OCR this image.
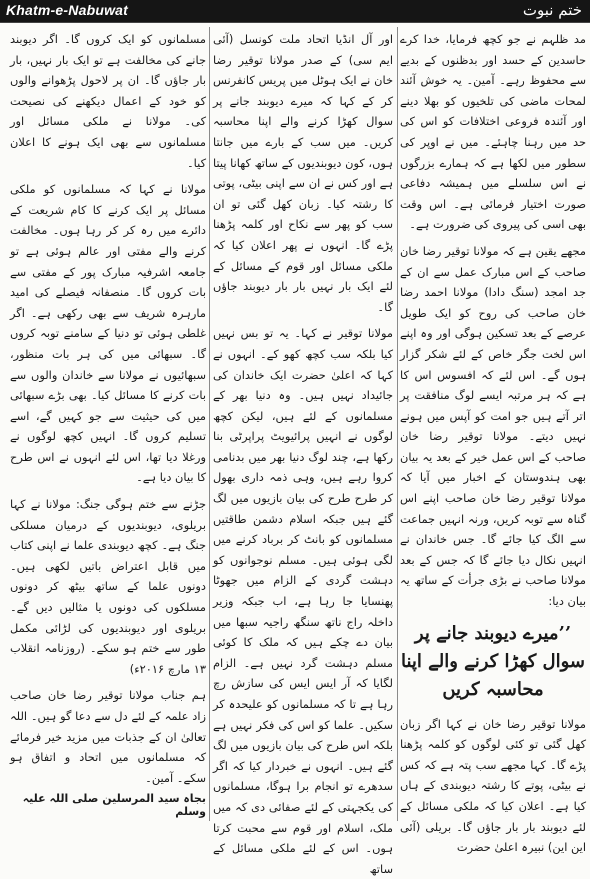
Khatm-e-Nabuwat	ختم نبوت

مد ظلہم نے جو کچھ فرمایا، خدا کرے حاسدین کے حسد اور بدظنوں کے بدیے سے محفوظ رہے۔ آمین۔ یہ خوش آئند لمحات ماضی کی تلخیوں کو بھلا دینے اور آئندہ فروعی اختلافات کو اس کی حد میں رہنا چاہئے۔ میں نے اوپر کی سطور میں لکھا ہے کہ ہمارے بزرگوں نے اس سلسلے میں ہمیشہ دفاعی صورت اختیار فرمائی ہے۔ اس وقت بھی اسی کی پیروی کی ضرورت ہے۔

مجھے یقین ہے کہ مولانا توقیر رضا خان صاحب کے اس مبارک عمل سے ان کے جد امجد (سنگ دادا) مولانا احمد رضا خان صاحب کی روح کو ایک طویل عرصے کے بعد تسکین ہوگی اور وہ اپنے اس لخت جگر خاص کے لئے شکر گزار ہوں گے۔ اس لئے کہ افسوس اس کا ہے کہ ہر مرتبہ ایسے لوگ منافقت پر اتر آتے ہیں جو امت کو آپس میں ہونے نہیں دیتے۔ مولانا توقیر رضا خان صاحب کے اس عمل خیر کے بعد یہ بیان بھی ہندوستان کے اخبار میں آیا کہ مولانا توقیر رضا خان صاحب اپنے اس گناہ سے توبہ کریں، ورنہ انہیں جماعت سے الگ کیا جائے گا۔ جس خاندان نے انہیں نکال دیا جائے گا کہ جس کے بعد مولانا صاحب نے بڑی جرأت کے ساتھ یہ بیان دیا:

’’میرے دیوبند جانے پر سوال کھڑا کرنے والے اپنا محاسبہ کریں

مولانا توقیر رضا خان نے کہا اگر زبان کھل گئی تو کئی لوگوں کو کلمہ پڑھنا پڑے گا۔ کہا مجھے سب پتہ ہے کہ کس نے بیٹی، پوتے کا رشتہ دیوبندی کے ہاں کیا ہے۔ اعلان کیا کہ ملکی مسائل کے لئے دیوبند بار بار جاؤں گا۔ بریلی (آئی این این) نبیرہ اعلیٰ حضرت

اور آل انڈیا اتحاد ملت کونسل (آئی ایم سی) کے صدر مولانا توقیر رضا خان نے ایک ہوٹل میں پریس کانفرنس کر کے کہا کہ میرے دیوبند جانے پر سوال کھڑا کرنے والے اپنا محاسبہ کریں۔ میں سب کے بارے میں جانتا ہوں، کون دیوبندیوں کے ساتھ کھانا پیتا ہے اور کس نے ان سے اپنی بیٹی، پوتی کا رشتہ کیا۔ زبان کھل گئی تو ان سب کو پھر سے نکاح اور کلمہ پڑھنا پڑے گا۔ انہوں نے پھر اعلان کیا کہ ملکی مسائل اور قوم کے مسائل کے لئے ایک بار نہیں بار بار دیوبند جاؤں گا۔

مولانا توقیر نے کہا۔ یہ تو بس نہیں کیا بلکہ سب کچھ کھو کے۔ انہوں نے کہا کہ اعلیٰ حضرت ایک خاندان کی جائیداد نہیں ہیں۔ وہ دنیا بھر کے مسلمانوں کے لئے ہیں، لیکن کچھ لوگوں نے انہیں پرائیویٹ پراپرٹی بنا رکھا ہے، چند لوگ دنیا بھر میں بدنامی کروا رہے ہیں، وہی ذمہ داری بھول کر طرح طرح کی بیان بازیوں میں لگ گئے ہیں جبکہ اسلام دشمن طاقتیں مسلمانوں کو بانٹ کر برباد کرنے میں لگی ہوئی ہیں۔ مسلم نوجوانوں کو دہشت گردی کے الزام میں جھوٹا پھنسایا جا رہا ہے، اب جبکہ وزیر داخلہ راج ناتھ سنگھ راجیہ سبھا میں بیان دے چکے ہیں کہ ملک کا کوئی مسلم دہشت گرد نہیں ہے۔ الزام لگایا کہ آر ایس ایس کی سازش رچ رہا ہے تا کہ مسلمانوں کو علیحدہ کر سکیں۔ علما کو اس کی فکر نہیں ہے بلکہ اس طرح کی بیان بازیوں میں لگ گئے ہیں۔ انہوں نے خبردار کیا کہ اگر سدھرے تو انجام برا ہوگا، مسلمانوں کی یکجہتی کے لئے صفائی دی کہ میں ملک، اسلام اور قوم سے محبت کرتا ہوں۔ اس کے لئے ملکی مسائل کے ساتھ

مسلمانوں کو ایک کروں گا۔ اگر دیوبند جانے کی مخالفت ہے تو ایک بار نہیں، بار بار جاؤں گا۔ ان پر لاحول پڑھوانے والوں کو خود کے اعمال دیکھنے کی نصیحت کی۔ مولانا نے ملکی مسائل اور مسلمانوں سے بھی ایک ہونے کا اعلان کیا۔

مولانا نے کہا کہ مسلمانوں کو ملکی مسائل پر ایک کرنے کا کام شریعت کے دائرے میں رہ کر کر رہا ہوں۔ مخالفت کرنے والے مفتی اور عالم ہوئی ہے تو جامعہ اشرفیہ مبارک پور کے مفتی سے بات کروں گا۔ منصفانہ فیصلے کی امید مارہرہ شریف سے بھی رکھی ہے۔ اگر غلطی ہوئی تو دنیا کے سامنے توبہ کروں گا۔ سبھائی میں کی ہر بات منظور، سبھائیوں نے مولانا سے خاندان والوں سے بات کرنے کا مسائل کیا۔ بھی بڑے سبھائی میں کی حیثیت سے جو کہیں گے، اسے تسلیم کروں گا۔ انہیں کچھ لوگوں نے ورغلا دیا تھا، اس لئے انہوں نے اس طرح کا بیان دیا ہے۔

جڑنے سے ختم ہوگی جنگ: مولانا نے کہا بریلوی، دیوبندیوں کے درمیان مسلکی جنگ ہے۔ کچھ دیوبندی علما نے اپنی کتاب میں قابل اعتراض باتیں لکھی ہیں۔ دونوں علما کے ساتھ بیٹھ کر دونوں مسلکوں کی دونوں یا مثالیں دیں گے۔ بریلوی اور دیوبندیوں کی لڑائی مکمل طور سے ختم ہو سکے۔ (روزنامہ انقلاب ۱۳ مارچ ۲۰۱۶ء)

ہم جناب مولانا توقیر رضا خان صاحب زاد علمہ کے لئے دل سے دعا گو ہیں۔ اللہ تعالیٰ ان کے جذبات میں مزید خیر فرمائے کہ مسلمانوں میں اتحاد و اتفاق ہو سکے۔ آمین۔

بجاہ سید المرسلین صلی اللہ علیہ وسلم
